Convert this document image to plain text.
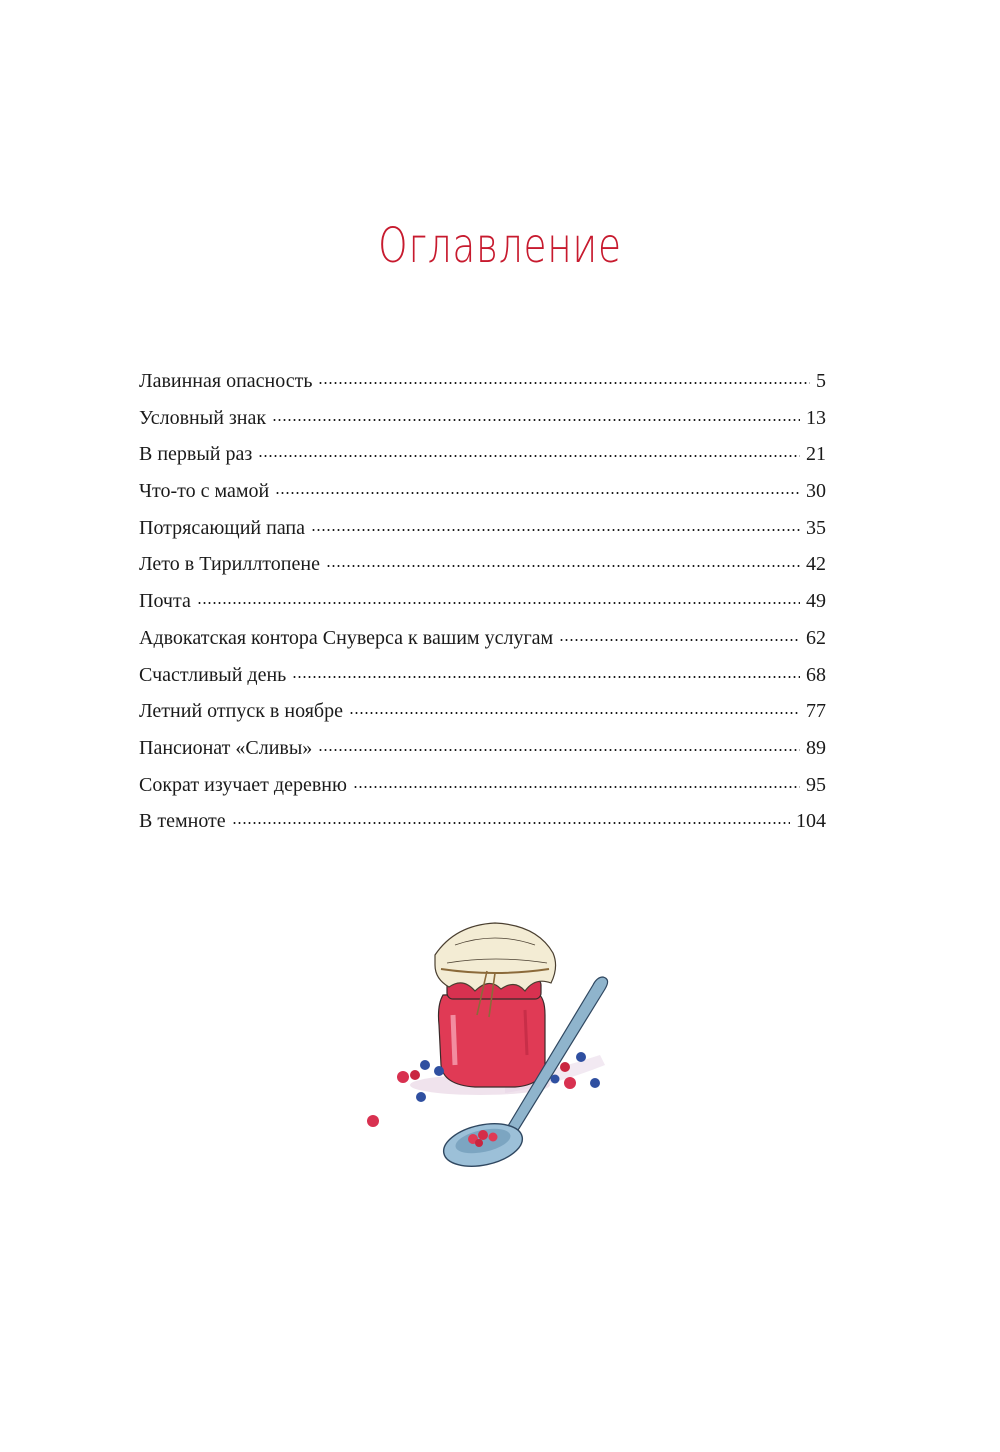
Оглавление
Лавинная опасность	5
Условный знак	13
В первый раз	21
Что-то с мамой	30
Потрясающий папа	35
Лето в Тириллтопене	42
Почта	49
Адвокатская контора Снуверса к вашим услугам	62
Счастливый день	68
Летний отпуск в ноябре	77
Пансионат «Сливы»	89
Сократ изучает деревню	95
В темноте	104
